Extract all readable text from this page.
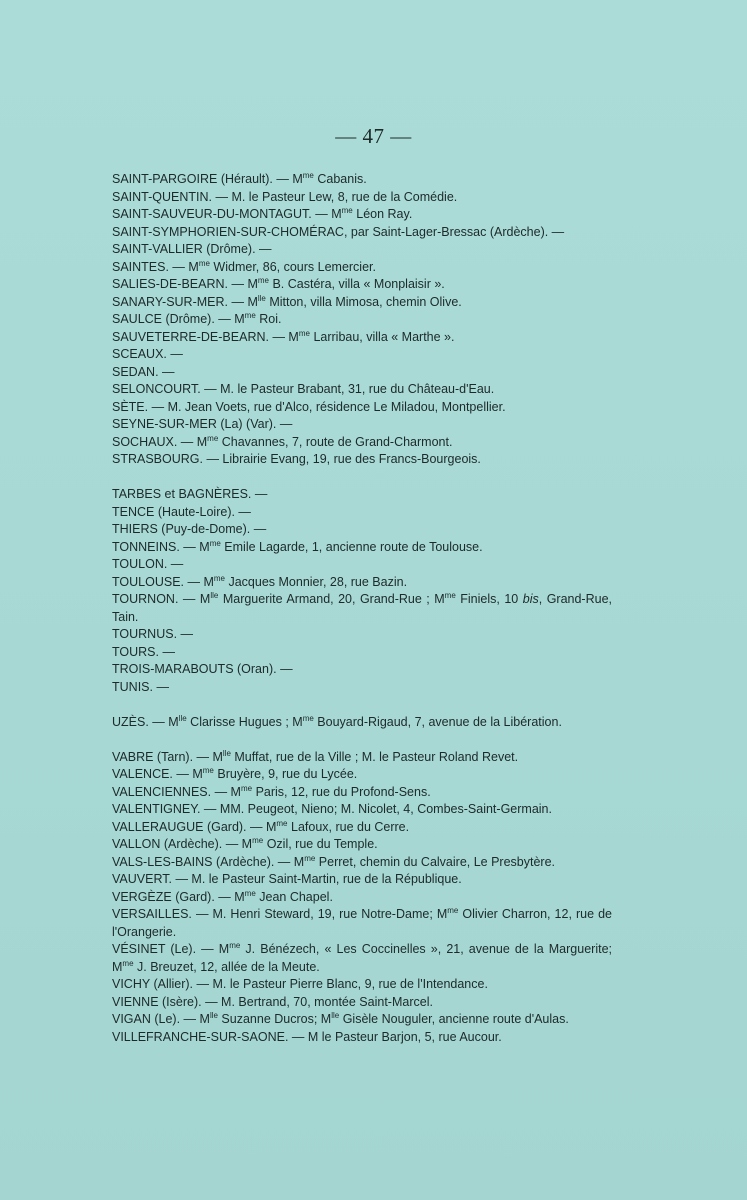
— 47 —

SAINT-PARGOIRE (Hérault). — $M^{me}$ Cabanis.

SAINT-QUENTIN. — M. le Pasteur Lew, 8, rue de la Comédie.

SAINT-SAUVEUR-DU-MONTAGUT. — $M^{me}$ Léon Ray.

SAINT-SYMPHORIEN-SUR-CHOMÉRAC, par Saint-Lager-Bressac (Ardèche). —

SAINT-VALLIER (Drôme). —

SAINTES. — $M^{me}$ Widmer, 86, cours Lemercier.

SALIES-DE-BEARN. — $M^{me}$ B. Castéra, villa « Monplaisir ».

SANARY-SUR-MER. — $M^{lle}$ Mitton, villa Mimosa, chemin Olive.

SAULCE (Drôme). — $M^{me}$ Roi.

SAUVETERRE-DE-BEARN. — $M^{me}$ Larribau, villa « Marthe ».

SCEAUX. —

SEDAN. —

SELONCOURT. — M. le Pasteur Brabant, 31, rue du Château-d'Eau.

SÈTE. — M. Jean Voets, rue d'Alco, résidence Le Miladou, Montpellier.

SEYNE-SUR-MER (La) (Var). —

SOCHAUX. — $M^{me}$ Chavannes, 7, route de Grand-Charmont.

STRASBOURG. — Librairie Evang, 19, rue des Francs-Bourgeois.

TARBES et BAGNÈRES. —

TENCE (Haute-Loire). —

THIERS (Puy-de-Dome). —

TONNEINS. — $M^{me}$ Emile Lagarde, 1, ancienne route de Toulouse.

TOULON. —

TOULOUSE. — $M^{me}$ Jacques Monnier, 28, rue Bazin.

TOURNON. — $M^{lle}$ Marguerite Armand, 20, Grand-Rue ; $M^{me}$ Finiels, 10 bis, Grand-Rue, Tain.

TOURNUS. —

TOURS. —

TROIS-MARABOUTS (Oran). —

TUNIS. —

UZÈS. — $M^{lle}$ Clarisse Hugues ; $M^{me}$ Bouyard-Rigaud, 7, avenue de la Libération.

VABRE (Tarn). — $M^{lle}$ Muffat, rue de la Ville ; M. le Pasteur Roland Revet.

VALENCE. — $M^{me}$ Bruyère, 9, rue du Lycée.

VALENCIENNES. — $M^{me}$ Paris, 12, rue du Profond-Sens.

VALENTIGNEY. — MM. Peugeot, Nieno; M. Nicolet, 4, Combes-Saint-Germain.

VALLERAUGUE (Gard). — $M^{me}$ Lafoux, rue du Cerre.

VALLON (Ardèche). — $M^{me}$ Ozil, rue du Temple.

VALS-LES-BAINS (Ardèche). — $M^{me}$ Perret, chemin du Calvaire, Le Presbytère.

VAUVERT. — M. le Pasteur Saint-Martin, rue de la République.

VERGÈZE (Gard). — $M^{me}$ Jean Chapel.

VERSAILLES. — M. Henri Steward, 19, rue Notre-Dame; $M^{me}$ Olivier Charron, 12, rue de l'Orangerie.

VÉSINET (Le). — $M^{me}$ J. Bénézech, « Les Coccinelles », 21, avenue de la Marguerite; $M^{me}$ J. Breuzet, 12, allée de la Meute.

VICHY (Allier). — M. le Pasteur Pierre Blanc, 9, rue de l'Intendance.

VIENNE (Isère). — M. Bertrand, 70, montée Saint-Marcel.

VIGAN (Le). — $M^{lle}$ Suzanne Ducros; $M^{lle}$ Gisèle Nouguler, ancienne route d'Aulas.

VILLEFRANCHE-SUR-SAONE. — M le Pasteur Barjon, 5, rue Aucour.
